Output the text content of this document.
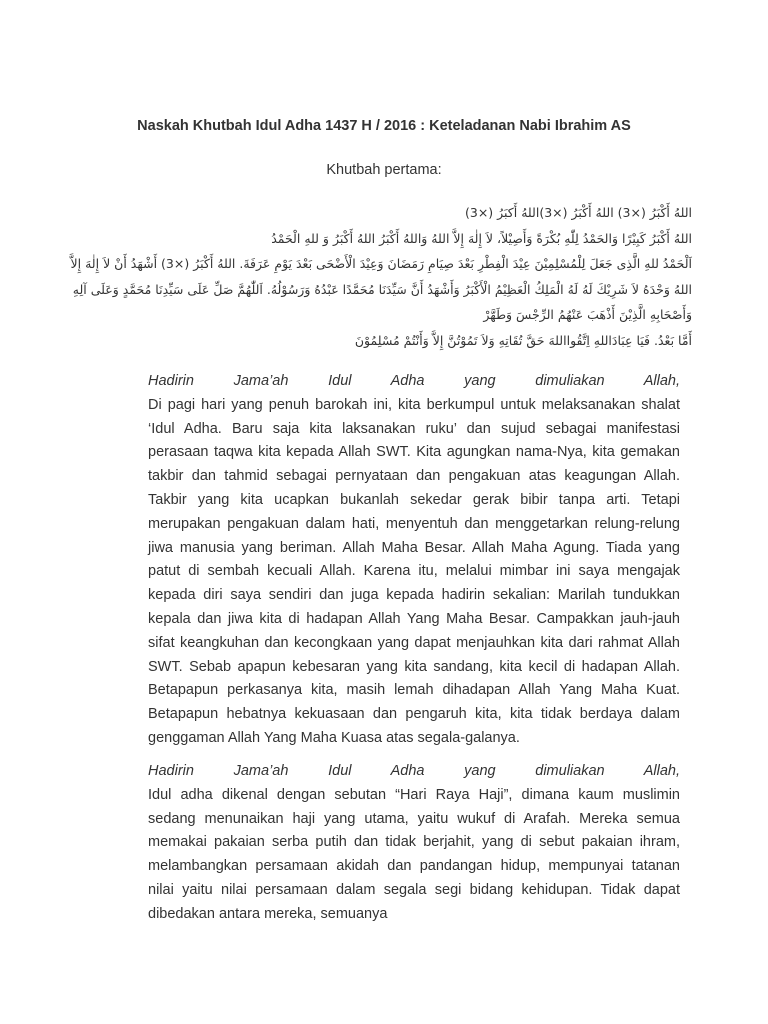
Naskah Khutbah Idul Adha 1437 H / 2016 : Keteladanan Nabi Ibrahim AS
Khutbah pertama:
اللهُ أَكْبَرُ (×3) اللهُ أَكْبَرُ (×3)اللهُ أَكبَرُ (×3)
اللهُ أَكْبَرُ كَبِيْرًا وَالحَمْدُ لِلّٰهِ بُكْرَةً وَأَصِيْلاً، لاَ إِلٰهَ إِلاَّ اللهُ وَاللهُ أَكْبَرُ اللهُ أَكْبَرُ وَ للهِ الْحَمْدُ
اَلْحَمْدُ للهِ الَّذِى جَعَلَ لِلْمُسْلِمِيْنَ عِيْدَ الْفِطْرِ بَعْدَ صِيَامِ رَمَضَانَ وَعِيْدَ الْأَضْحَى بَعْدَ يَوْمِ عَرَفَةَ. اللهُ أَكْبَرُ (×3) أَشْهَدُ أَنْ لاَ إِلٰهَ إِلاَّ
اللهُ وَحْدَهُ لاَ شَرِيْكَ لَهُ لَهُ الْمَلِكُ الْعَظِيْمُ الْأَكْبَرُ وَأَشْهَدُ أَنَّ سَيِّدَنَا مُحَمَّدًا عَبْدُهُ وَرَسُوْلُهُ. اَللّٰهُمَّ صَلِّ عَلَى سَيِّدِنَا مُحَمَّدٍ وَعَلَى آلِهِ
وَأَصْحَابِهِ الَّذِيْنَ أَذْهَبَ عَنْهُمُ الرِّجْسَ وَطَهَّرْ
أَمَّا بَعْدُ. فَيَا عِبَادَاللهِ اِتَّقُوااللهَ حَقَّ تُقَاتِهِ وَلاَ تَمُوْتُنَّ إِلاَّ وَأَنْتُمْ مُسْلِمُوْنَ
Hadirin Jama’ah Idul Adha yang dimuliakan Allah,
Di pagi hari yang penuh barokah ini, kita berkumpul untuk melaksanakan shalat ‘Idul Adha. Baru saja kita laksanakan ruku’ dan sujud sebagai manifestasi perasaan taqwa kita kepada Allah SWT. Kita agungkan nama-Nya, kita gemakan takbir dan tahmid sebagai pernyataan dan pengakuan atas keagungan Allah. Takbir yang kita ucapkan bukanlah sekedar gerak bibir tanpa arti. Tetapi merupakan pengakuan dalam hati, menyentuh dan menggetarkan relung-relung jiwa manusia yang beriman. Allah Maha Besar. Allah Maha Agung. Tiada yang patut di sembah kecuali Allah. Karena itu, melalui mimbar ini saya mengajak kepada diri saya sendiri dan juga kepada hadirin sekalian: Marilah tundukkan kepala dan jiwa kita di hadapan Allah Yang Maha Besar. Campakkan jauh-jauh sifat keangkuhan dan kecongkaan yang dapat menjauhkan kita dari rahmat Allah SWT. Sebab apapun kebesaran yang kita sandang, kita kecil di hadapan Allah. Betapapun perkasanya kita, masih lemah dihadapan Allah Yang Maha Kuat. Betapapun hebatnya kekuasaan dan pengaruh kita, kita tidak berdaya dalam genggaman Allah Yang Maha Kuasa atas segala-galanya.
Hadirin Jama’ah Idul Adha yang dimuliakan Allah,
Idul adha dikenal dengan sebutan “Hari Raya Haji”, dimana kaum muslimin sedang menunaikan haji yang utama, yaitu wukuf di Arafah. Mereka semua memakai pakaian serba putih dan tidak berjahit, yang di sebut pakaian ihram, melambangkan persamaan akidah dan pandangan hidup, mempunyai tatanan nilai yaitu nilai persamaan dalam segala segi bidang kehidupan. Tidak dapat dibedakan antara mereka, semuanya
